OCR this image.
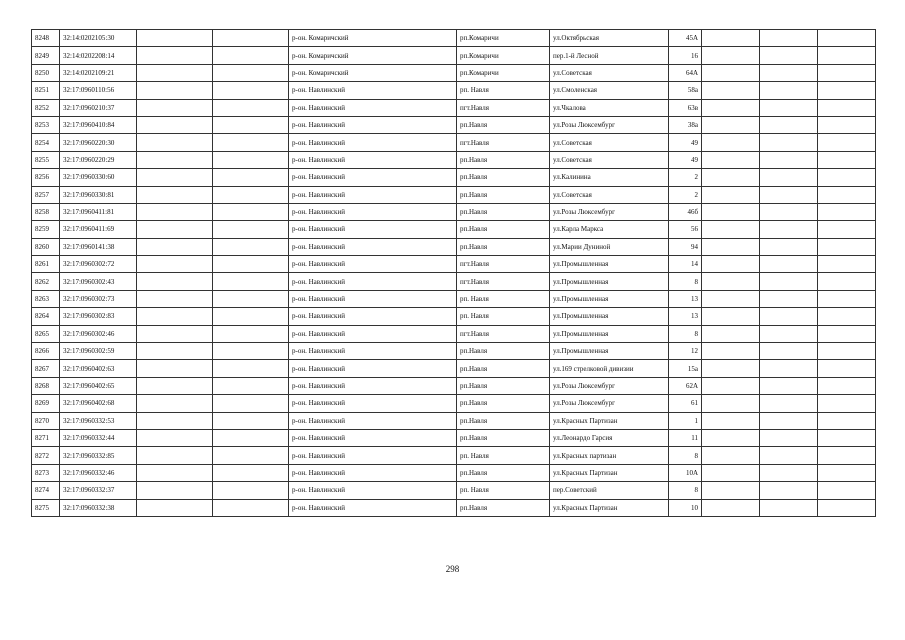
8248	32:14:0202105:30			р-он. Комаричский	рп.Комаричи	ул.Октябрьская	45А			
8249	32:14:0202208:14			р-он. Комаричский	рп.Комаричи	пер.1-й Лесной	16			
8250	32:14:0202109:21			р-он. Комаричский	рп.Комаричи	ул.Советская	64А			
8251	32:17:0960110:56			р-он. Навлинский	рп. Навля	ул.Смоленская	58а			
8252	32:17:0960210:37			р-он. Навлинский	пгт.Навля	ул.Чкалова	63в			
8253	32:17:0960410:84			р-он. Навлинский	рп.Навля	ул.Розы Люксембург	38а			
8254	32:17:0960220:30			р-он. Навлинский	пгт.Навля	ул.Советская	49			
8255	32:17:0960220:29			р-он. Навлинский	рп.Навля	ул.Советская	49			
8256	32:17:0960330:60			р-он. Навлинский	рп.Навля	ул.Калинина	2			
8257	32:17:0960330:81			р-он. Навлинский	рп.Навля	ул.Советская	2			
8258	32:17:0960411:81			р-он. Навлинский	рп.Навля	ул.Розы Люксембург	46б			
8259	32:17:0960411:69			р-он. Навлинский	рп.Навля	ул.Карла Маркса	56			
8260	32:17:0960141:38			р-он. Навлинский	рп.Навля	ул.Марии Дуниной	94			
8261	32:17:0960302:72			р-он. Навлинский	пгт.Навля	ул.Промышленная	14			
8262	32:17:0960302:43			р-он. Навлинский	пгт.Навля	ул.Промышленная	8			
8263	32:17:0960302:73			р-он. Навлинский	рп. Навля	ул.Промышленная	13			
8264	32:17:0960302:83			р-он. Навлинский	рп. Навля	ул.Промышленная	13			
8265	32:17:0960302:46			р-он. Навлинский	пгт.Навля	ул.Промышленная	8			
8266	32:17:0960302:59			р-он. Навлинский	рп.Навля	ул.Промышленная	12			
8267	32:17:0960402:63			р-он. Навлинский	рп.Навля	ул.169 стрелковой дивизии	15а			
8268	32:17:0960402:65			р-он. Навлинский	рп.Навля	ул.Розы Люксембург	62А			
8269	32:17:0960402:68			р-он. Навлинский	рп.Навля	ул.Розы Люксембург	61			
8270	32:17:0960332:53			р-он. Навлинский	рп.Навля	ул.Красных Партизан	1			
8271	32:17:0960332:44			р-он. Навлинский	рп.Навля	ул.Леонардо Гарсия	11			
8272	32:17:0960332:85			р-он. Навлинский	рп. Навля	ул.Красных партизан	8			
8273	32:17:0960332:46			р-он. Навлинский	рп.Навля	ул.Красных Партизан	10А			
8274	32:17:0960332:37			р-он. Навлинский	рп. Навля	пер.Советский	8			
8275	32:17:0960332:38			р-он. Навлинский	рп.Навля	ул.Красных Партизан	10			
298
